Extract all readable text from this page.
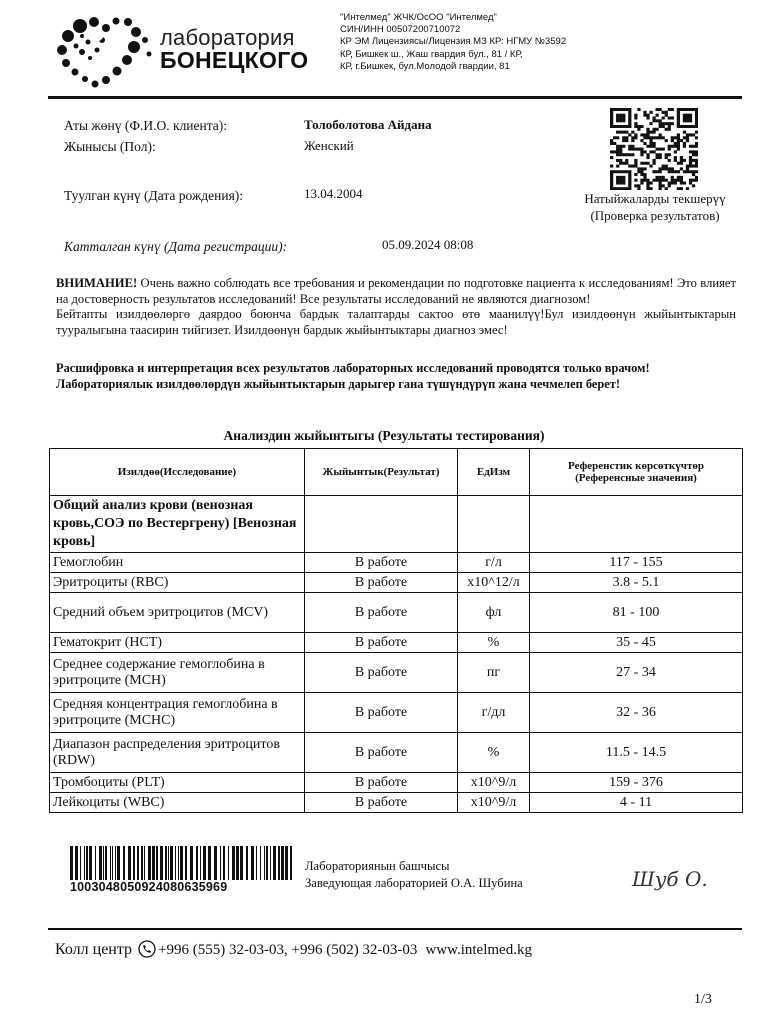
лаборатория
БОНЕЦКОГО
"Интелмед" ЖЧК/ОсОО "Интелмед"
СИН/ИНН 00507200710072
КР ЭМ Лицензиясы/Лицензия МЗ КР: НГМУ №3592
КР, Бишкек ш., Жаш гвардия бул., 81 / КР,
КР, г.Бишкек, бул.Молодой гвардии, 81
Аты жөнү (Ф.И.О. клиента):	Толоболотова Айдана
Жынысы (Пол):	Женский
Туулган күнү (Дата рождения):	13.04.2004
Катталган күнү (Дата регистрации):	05.09.2024 08:08
Натыйжаларды текшерүү
(Проверка результатов)

ВНИМАНИЕ! Очень важно соблюдать все требования и рекомендации по подготовке пациента к исследованиям! Это влияет на достоверность результатов исследований! Все результаты исследований не являются диагнозом!

Бейтапты изилдөөлөргө даярдоо боюнча бардык талаптарды сактоо өтө маанилүү!Бул изилдөөнүн жыйынтыктарын тууралыгына таасирин тийгизет. Изилдөөнүн бардык жыйынтыктары диагноз эмес!

Расшифровка и интерпретация всех результатов лабораторных исследований проводятся только врачом!

Лабораториялык изилдөөлөрдүн жыйынтыктарын дарыгер гана түшүндүрүп жана чечмелеп берет!

Анализдин жыйынтыгы (Результаты тестирования)
Изилдөө(Исследование)	Жыйынтык(Результат)	ЕдИзм	Референстик көрсөткүчтөр (Референсные значения)
Общий анализ крови (венозная кровь,СОЭ по Вестергрену) [Венозная кровь]			
Гемоглобин	В работе	г/л	117 - 155
Эритроциты (RBC)	В работе	x10^12/л	3.8 - 5.1
Средний объем эритроцитов (MCV)	В работе	фл	81 - 100
Гематокрит (HCT)	В работе	%	35 - 45
Среднее содержание гемоглобина в эритроците (MCH)	В работе	пг	27 - 34
Средняя концентрация гемоглобина в эритроците (MCHC)	В работе	г/дл	32 - 36
Диапазон распределения эритроцитов (RDW)	В работе	%	11.5 - 14.5
Тромбоциты (PLT)	В работе	x10^9/л	159 - 376
Лейкоциты (WBC)	В работе	x10^9/л	4 - 11
1003048050924080635969
Лабораториянын башчысы
Заведующая лабораторией О.А. Шубина	Шуб О.
Колл центр +996 (555) 32-03-03, +996 (502) 32-03-03 www.intelmed.kg
1/3
